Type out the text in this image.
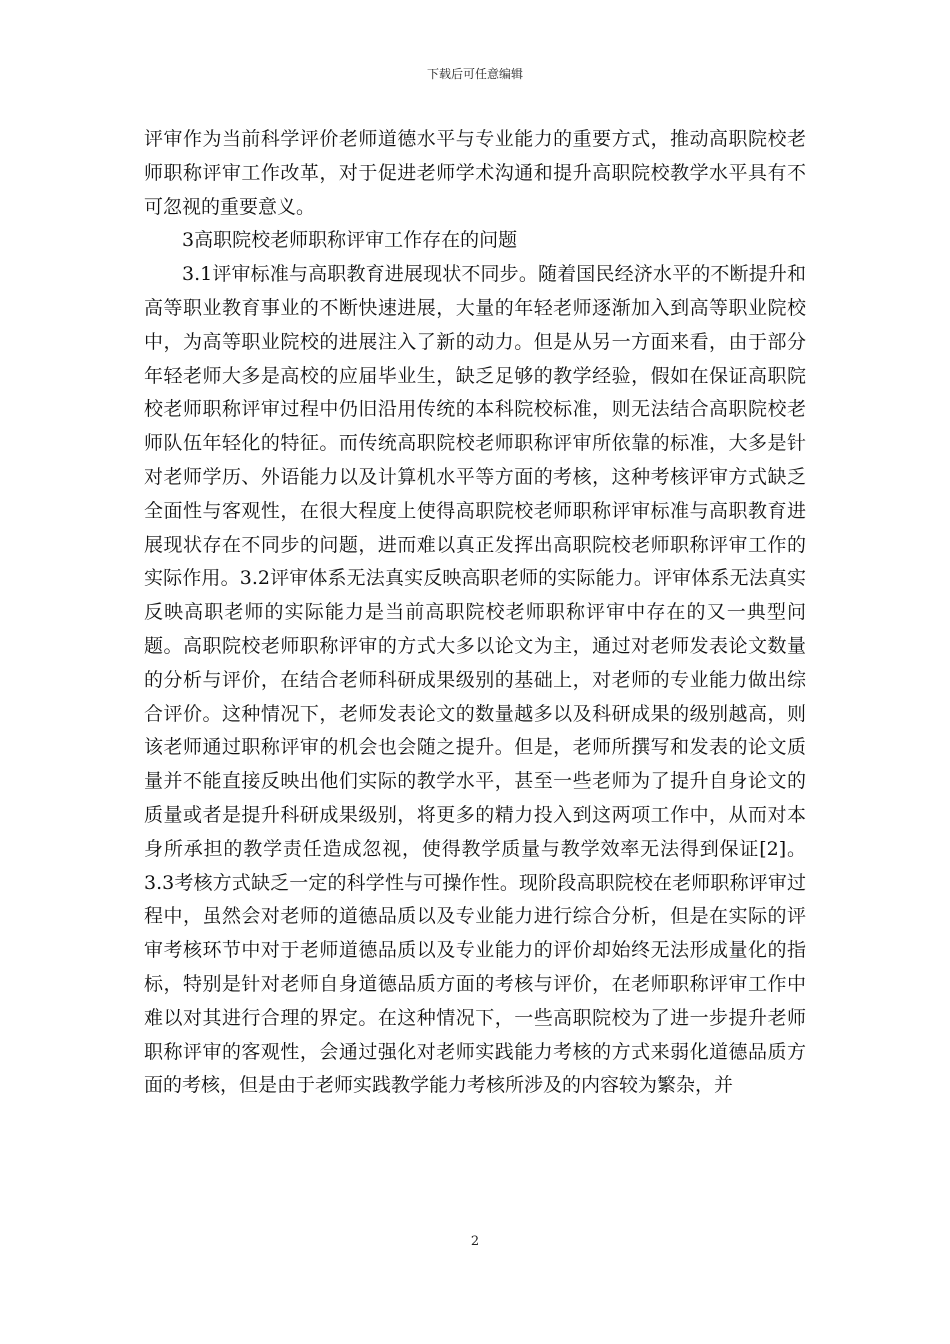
下载后可任意编辑

评审作为当前科学评价老师道德水平与专业能力的重要方式，推动高职院校老师职称评审工作改革，对于促进老师学术沟通和提升高职院校教学水平具有不可忽视的重要意义。

3高职院校老师职称评审工作存在的问题

3.1评审标准与高职教育进展现状不同步。随着国民经济水平的不断提升和高等职业教育事业的不断快速进展，大量的年轻老师逐渐加入到高等职业院校中，为高等职业院校的进展注入了新的动力。但是从另一方面来看，由于部分年轻老师大多是高校的应届毕业生，缺乏足够的教学经验，假如在保证高职院校老师职称评审过程中仍旧沿用传统的本科院校标准，则无法结合高职院校老师队伍年轻化的特征。而传统高职院校老师职称评审所依靠的标准，大多是针对老师学历、外语能力以及计算机水平等方面的考核，这种考核评审方式缺乏全面性与客观性，在很大程度上使得高职院校老师职称评审标准与高职教育进展现状存在不同步的问题，进而难以真正发挥出高职院校老师职称评审工作的实际作用。3.2评审体系无法真实反映高职老师的实际能力。评审体系无法真实反映高职老师的实际能力是当前高职院校老师职称评审中存在的又一典型问题。高职院校老师职称评审的方式大多以论文为主，通过对老师发表论文数量的分析与评价，在结合老师科研成果级别的基础上，对老师的专业能力做出综合评价。这种情况下，老师发表论文的数量越多以及科研成果的级别越高，则该老师通过职称评审的机会也会随之提升。但是，老师所撰写和发表的论文质量并不能直接反映出他们实际的教学水平，甚至一些老师为了提升自身论文的质量或者是提升科研成果级别，将更多的精力投入到这两项工作中，从而对本身所承担的教学责任造成忽视，使得教学质量与教学效率无法得到保证[2]。3.3考核方式缺乏一定的科学性与可操作性。现阶段高职院校在老师职称评审过程中，虽然会对老师的道德品质以及专业能力进行综合分析，但是在实际的评审考核环节中对于老师道德品质以及专业能力的评价却始终无法形成量化的指标，特别是针对老师自身道德品质方面的考核与评价，在老师职称评审工作中难以对其进行合理的界定。在这种情况下，一些高职院校为了进一步提升老师职称评审的客观性，会通过强化对老师实践能力考核的方式来弱化道德品质方面的考核，但是由于老师实践教学能力考核所涉及的内容较为繁杂，并

2
